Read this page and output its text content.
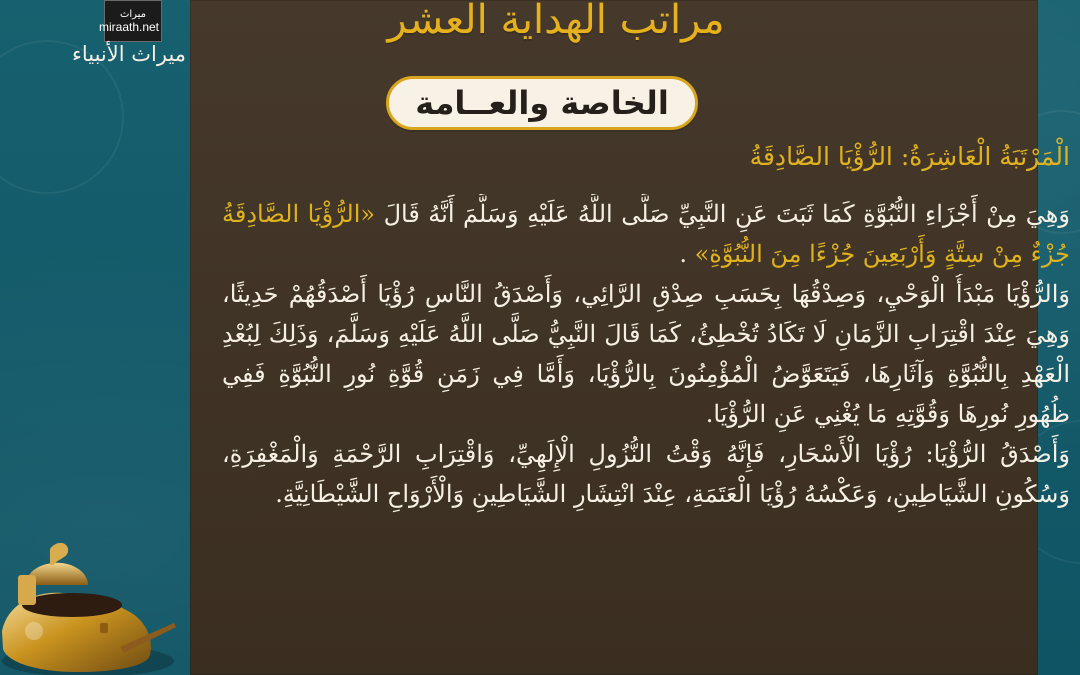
ميراث
miraath.net
ميراث الأنبياء
مراتب الهداية العشر
الخاصة والعــامة
الْمَرْتَبَةُ الْعَاشِرَةُ: الرُّؤْيَا الصَّادِقَةُ

وَهِيَ مِنْ أَجْزَاءِ النُّبُوَّةِ كَمَا ثَبَتَ عَنِ النَّبِيِّ صَلَّى اللَّهُ عَلَيْهِ وَسَلَّمَ أَنَّهُ قَالَ «الرُّؤْيَا الصَّادِقَةُ جُزْءٌ مِنْ سِتَّةٍ وَأَرْبَعِينَ جُزْءًا مِنَ النُّبُوَّةِ» .

وَالرُّؤْيَا مَبْدَأُ الْوَحْيِ، وَصِدْقُهَا بِحَسَبِ صِدْقِ الرَّائِي، وَأَصْدَقُ النَّاسِ رُؤْيَا أَصْدَقُهُمْ حَدِيثًا، وَهِيَ عِنْدَ اقْتِرَابِ الزَّمَانِ لَا تَكَادُ تُخْطِئُ، كَمَا قَالَ النَّبِيُّ صَلَّى اللَّهُ عَلَيْهِ وَسَلَّمَ، وَذَلِكَ لِبُعْدِ الْعَهْدِ بِالنُّبُوَّةِ وَآثَارِهَا، فَيَتَعَوَّضُ الْمُؤْمِنُونَ بِالرُّؤْيَا، وَأَمَّا فِي زَمَنِ قُوَّةِ نُورِ النُّبُوَّةِ فَفِي ظُهُورِ نُورِهَا وَقُوَّتِهِ مَا يُغْنِي عَنِ الرُّؤْيَا.

وَأَصْدَقُ الرُّؤْيَا: رُؤْيَا الْأَسْحَارِ، فَإِنَّهُ وَقْتُ النُّزُولِ الْإِلَهِيِّ، وَاقْتِرَابِ الرَّحْمَةِ وَالْمَغْفِرَةِ، وَسُكُونِ الشَّيَاطِينِ، وَعَكْسُهُ رُؤْيَا الْعَتَمَةِ، عِنْدَ انْتِشَارِ الشَّيَاطِينِ وَالْأَرْوَاحِ الشَّيْطَانِيَّةِ.
